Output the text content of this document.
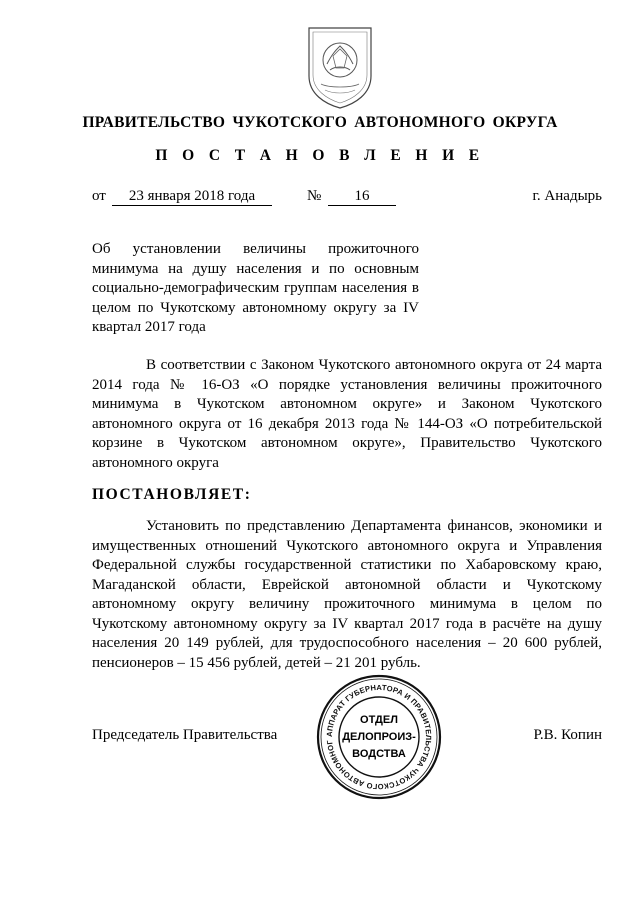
ПРАВИТЕЛЬСТВО ЧУКОТСКОГО АВТОНОМНОГО ОКРУГА
П О С Т А Н О В Л Е Н И Е
от	23 января 2018 года	№	16	г. Анадырь
Об установлении величины прожиточного минимума на душу населения и по основным социально-демографическим группам населения в целом по Чукотскому автономному округу за IV квартал 2017 года
В соответствии с Законом Чукотского автономного округа от 24 марта 2014 года № 16-ОЗ «О порядке установления величины прожиточного минимума в Чукотском автономном округе» и Законом Чукотского автономного округа от 16 декабря 2013 года № 144-ОЗ «О потребительской корзине в Чукотском автономном округе», Правительство Чукотского автономного округа
ПОСТАНОВЛЯЕТ:
Установить по представлению Департамента финансов, экономики и имущественных отношений Чукотского автономного округа и Управления Федеральной службы государственной статистики по Хабаровскому краю, Магаданской области, Еврейской автономной области и Чукотскому автономному округу величину прожиточного минимума в целом по Чукотскому автономному округу за IV квартал 2017 года в расчёте на душу населения 20 149 рублей, для трудоспособного населения – 20 600 рублей, пенсионеров – 15 456 рублей, детей – 21 201 рубль.
Председатель Правительства	Р.В. Копин
АППАРАТ ГУБЕРНАТОРА И ПРАВИТЕЛЬСТВА ЧУКОТСКОГО АВТОНОМНОГ
ОТДЕЛ
ДЕЛОПРОИЗ-
ВОДСТВА
